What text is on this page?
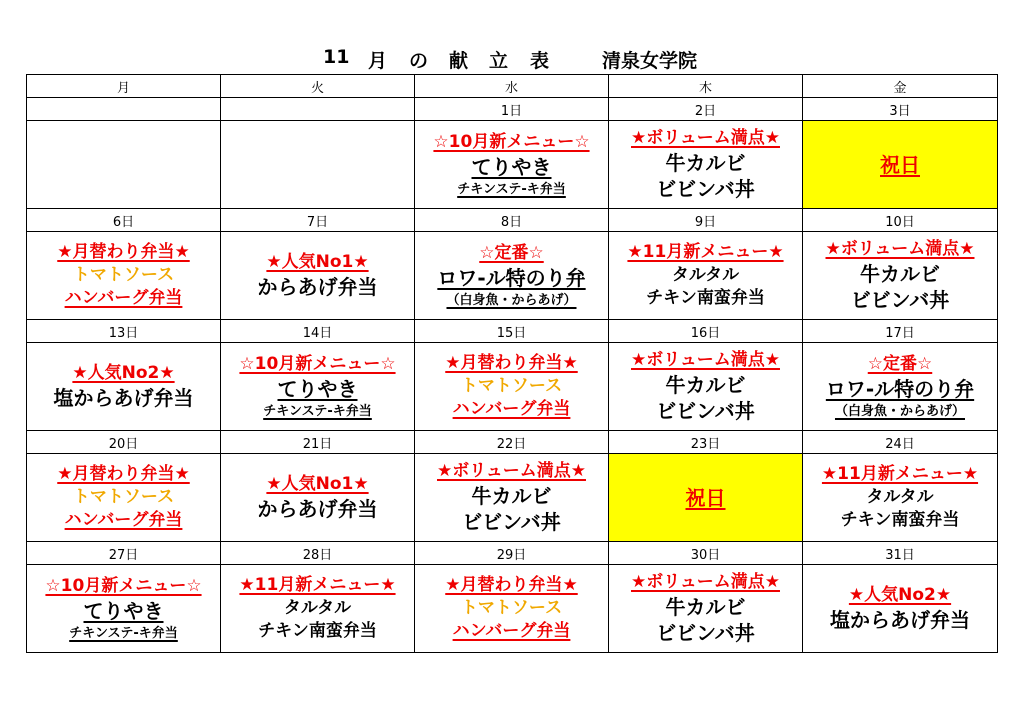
11 月 の 献 立 表	清泉女学院
月	火	水	木	金
		1日	2日	3日

		☆10月新メニュー☆
てりやき
チキンステ-キ弁当	★ボリューム満点★
牛カルビ
ビビンバ丼	祝日

6日	7日	8日	9日	10日

★月替わり弁当★
トマトソース
ハンバーグ弁当	★人気No1★
からあげ弁当	☆定番☆
ロワ-ル特のり弁
（白身魚・からあげ）	★11月新メニュー★
タルタル
チキン南蛮弁当	★ボリューム満点★
牛カルビ
ビビンバ丼

13日	14日	15日	16日	17日

★人気No2★
塩からあげ弁当	☆10月新メニュー☆
てりやき
チキンステ-キ弁当	★月替わり弁当★
トマトソース
ハンバーグ弁当	★ボリューム満点★
牛カルビ
ビビンバ丼	☆定番☆
ロワ-ル特のり弁
（白身魚・からあげ）

20日	21日	22日	23日	24日

★月替わり弁当★
トマトソース
ハンバーグ弁当	★人気No1★
からあげ弁当	★ボリューム満点★
牛カルビ
ビビンバ丼	祝日	★11月新メニュー★
タルタル
チキン南蛮弁当

27日	28日	29日	30日	31日

☆10月新メニュー☆
てりやき
チキンステ-キ弁当	★11月新メニュー★
タルタル
チキン南蛮弁当	★月替わり弁当★
トマトソース
ハンバーグ弁当	★ボリューム満点★
牛カルビ
ビビンバ丼	★人気No2★
塩からあげ弁当
